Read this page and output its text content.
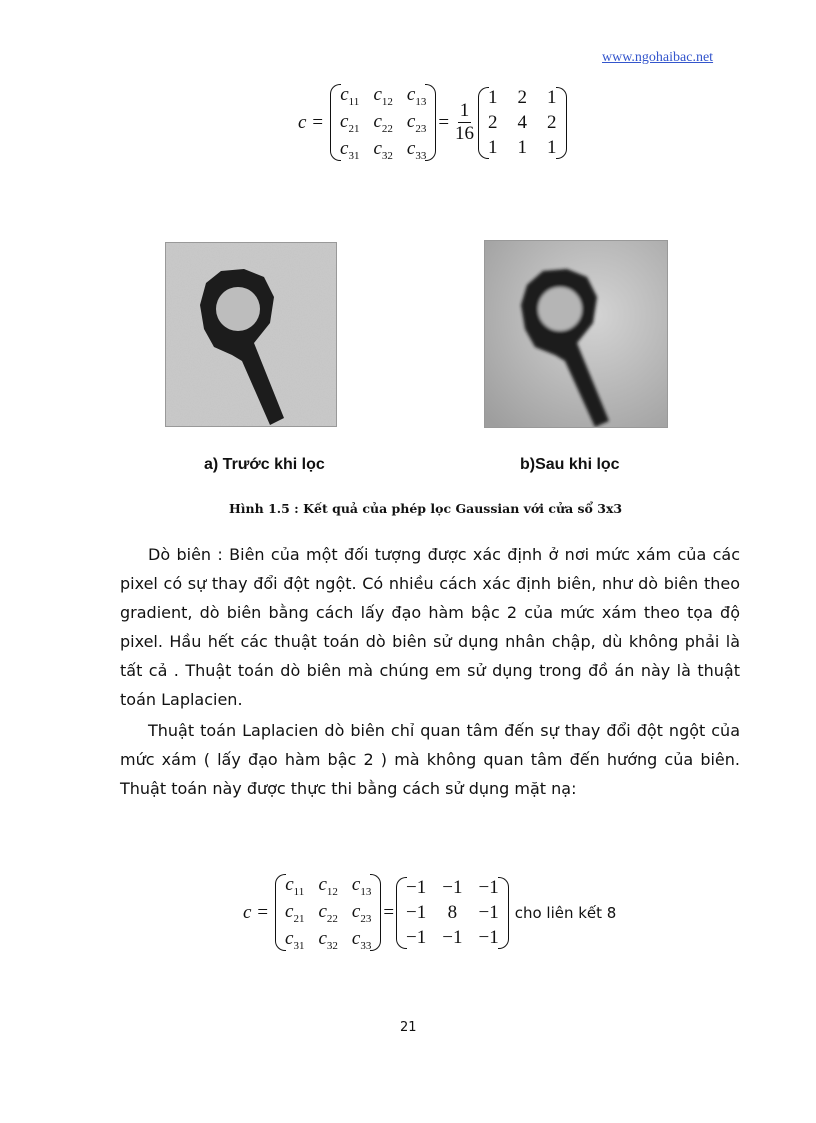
www.ngohaibac.net
c =
$c_{11}$ $c_{12}$ $c_{13}$
$c_{21}$ $c_{22}$ $c_{23}$
$c_{31}$ $c_{32}$ $c_{33}$
= $\frac{1}{16}$
1 2 1
2 4 2
1 1 1
a) Trước khi lọc	b)Sau khi lọc
Hình 1.5 : Kết quả của phép lọc Gaussian với cửa sổ 3x3

Dò biên : Biên của một đối tượng được xác định ở nơi mức xám của các pixel có sự thay đổi đột ngột. Có nhiều cách xác định biên, như dò biên theo gradient, dò biên bằng cách lấy đạo hàm bậc 2 của mức xám theo tọa độ pixel. Hầu hết các thuật toán dò biên sử dụng nhân chập, dù không phải là tất cả . Thuật toán dò biên mà chúng em sử dụng trong đồ án này là thuật toán Laplacien.

Thuật toán Laplacien dò biên chỉ quan tâm đến sự thay đổi đột ngột của mức xám ( lấy đạo hàm bậc 2 ) mà không quan tâm đến hướng của biên. Thuật toán này được thực thi bằng cách sử dụng mặt nạ:

c =
$c_{11}$ $c_{12}$ $c_{13}$
$c_{21}$ $c_{22}$ $c_{23}$
$c_{31}$ $c_{32}$ $c_{33}$
=
−1 −1 −1
−1 8 −1
−1 −1 −1
cho liên kết 8
21
